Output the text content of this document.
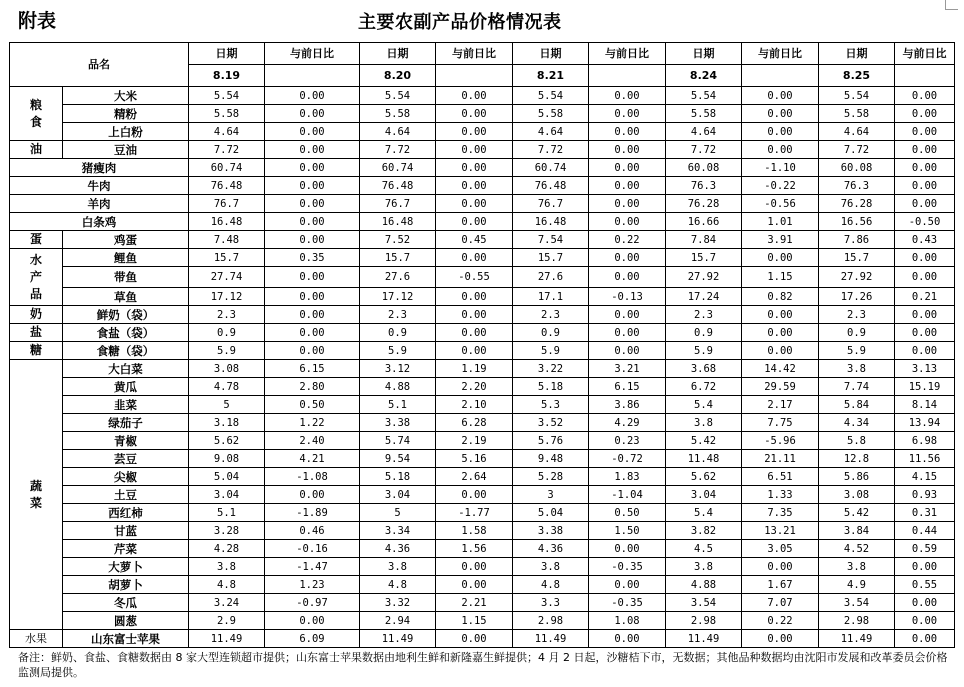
附表	主要农副产品价格情况表
品名		日期	与前日比	日期	与前日比	日期	与前日比	日期	与前日比	日期	与前日比
		8.19		8.20		8.21		8.24		8.25	
粮
食	大米	5.54	0.00	5.54	0.00	5.54	0.00	5.54	0.00	5.54	0.00
	精粉	5.58	0.00	5.58	0.00	5.58	0.00	5.58	0.00	5.58	0.00
	上白粉	4.64	0.00	4.64	0.00	4.64	0.00	4.64	0.00	4.64	0.00
油	豆油	7.72	0.00	7.72	0.00	7.72	0.00	7.72	0.00	7.72	0.00
猪瘦肉		60.74	0.00	60.74	0.00	60.74	0.00	60.08	-1.10	60.08	0.00
牛肉		76.48	0.00	76.48	0.00	76.48	0.00	76.3	-0.22	76.3	0.00
羊肉		76.7	0.00	76.7	0.00	76.7	0.00	76.28	-0.56	76.28	0.00
白条鸡		16.48	0.00	16.48	0.00	16.48	0.00	16.66	1.01	16.56	-0.50
蛋	鸡蛋	7.48	0.00	7.52	0.45	7.54	0.22	7.84	3.91	7.86	0.43
水
产
品	鲤鱼	15.7	0.35	15.7	0.00	15.7	0.00	15.7	0.00	15.7	0.00
	带鱼	27.74	0.00	27.6	-0.55	27.6	0.00	27.92	1.15	27.92	0.00
	草鱼	17.12	0.00	17.12	0.00	17.1	-0.13	17.24	0.82	17.26	0.21
奶	鲜奶（袋）	2.3	0.00	2.3	0.00	2.3	0.00	2.3	0.00	2.3	0.00
盐	食盐（袋）	0.9	0.00	0.9	0.00	0.9	0.00	0.9	0.00	0.9	0.00
糖	食糖（袋）	5.9	0.00	5.9	0.00	5.9	0.00	5.9	0.00	5.9	0.00
蔬
菜	大白菜	3.08	6.15	3.12	1.19	3.22	3.21	3.68	14.42	3.8	3.13
	黄瓜	4.78	2.80	4.88	2.20	5.18	6.15	6.72	29.59	7.74	15.19
	韭菜	5	0.50	5.1	2.10	5.3	3.86	5.4	2.17	5.84	8.14
	绿茄子	3.18	1.22	3.38	6.28	3.52	4.29	3.8	7.75	4.34	13.94
	青椒	5.62	2.40	5.74	2.19	5.76	0.23	5.42	-5.96	5.8	6.98
	芸豆	9.08	4.21	9.54	5.16	9.48	-0.72	11.48	21.11	12.8	11.56
	尖椒	5.04	-1.08	5.18	2.64	5.28	1.83	5.62	6.51	5.86	4.15
	土豆	3.04	0.00	3.04	0.00	3	-1.04	3.04	1.33	3.08	0.93
	西红柿	5.1	-1.89	5	-1.77	5.04	0.50	5.4	7.35	5.42	0.31
	甘蓝	3.28	0.46	3.34	1.58	3.38	1.50	3.82	13.21	3.84	0.44
	芹菜	4.28	-0.16	4.36	1.56	4.36	0.00	4.5	3.05	4.52	0.59
	大萝卜	3.8	-1.47	3.8	0.00	3.8	-0.35	3.8	0.00	3.8	0.00
	胡萝卜	4.8	1.23	4.8	0.00	4.8	0.00	4.88	1.67	4.9	0.55
	冬瓜	3.24	-0.97	3.32	2.21	3.3	-0.35	3.54	7.07	3.54	0.00
	圆葱	2.9	0.00	2.94	1.15	2.98	1.08	2.98	0.22	2.98	0.00
水果	山东富士苹果	11.49	6.09	11.49	0.00	11.49	0.00	11.49	0.00	11.49	0.00
备注：鲜奶、食盐、食糖数据由 8 家大型连锁超市提供；山东富士苹果数据由地利生鲜和新隆嘉生鲜提供；4 月 2 日起，沙糖桔下市，无数据；其他品种数据均由沈阳市发展和改革委员会价格监测局提供。
